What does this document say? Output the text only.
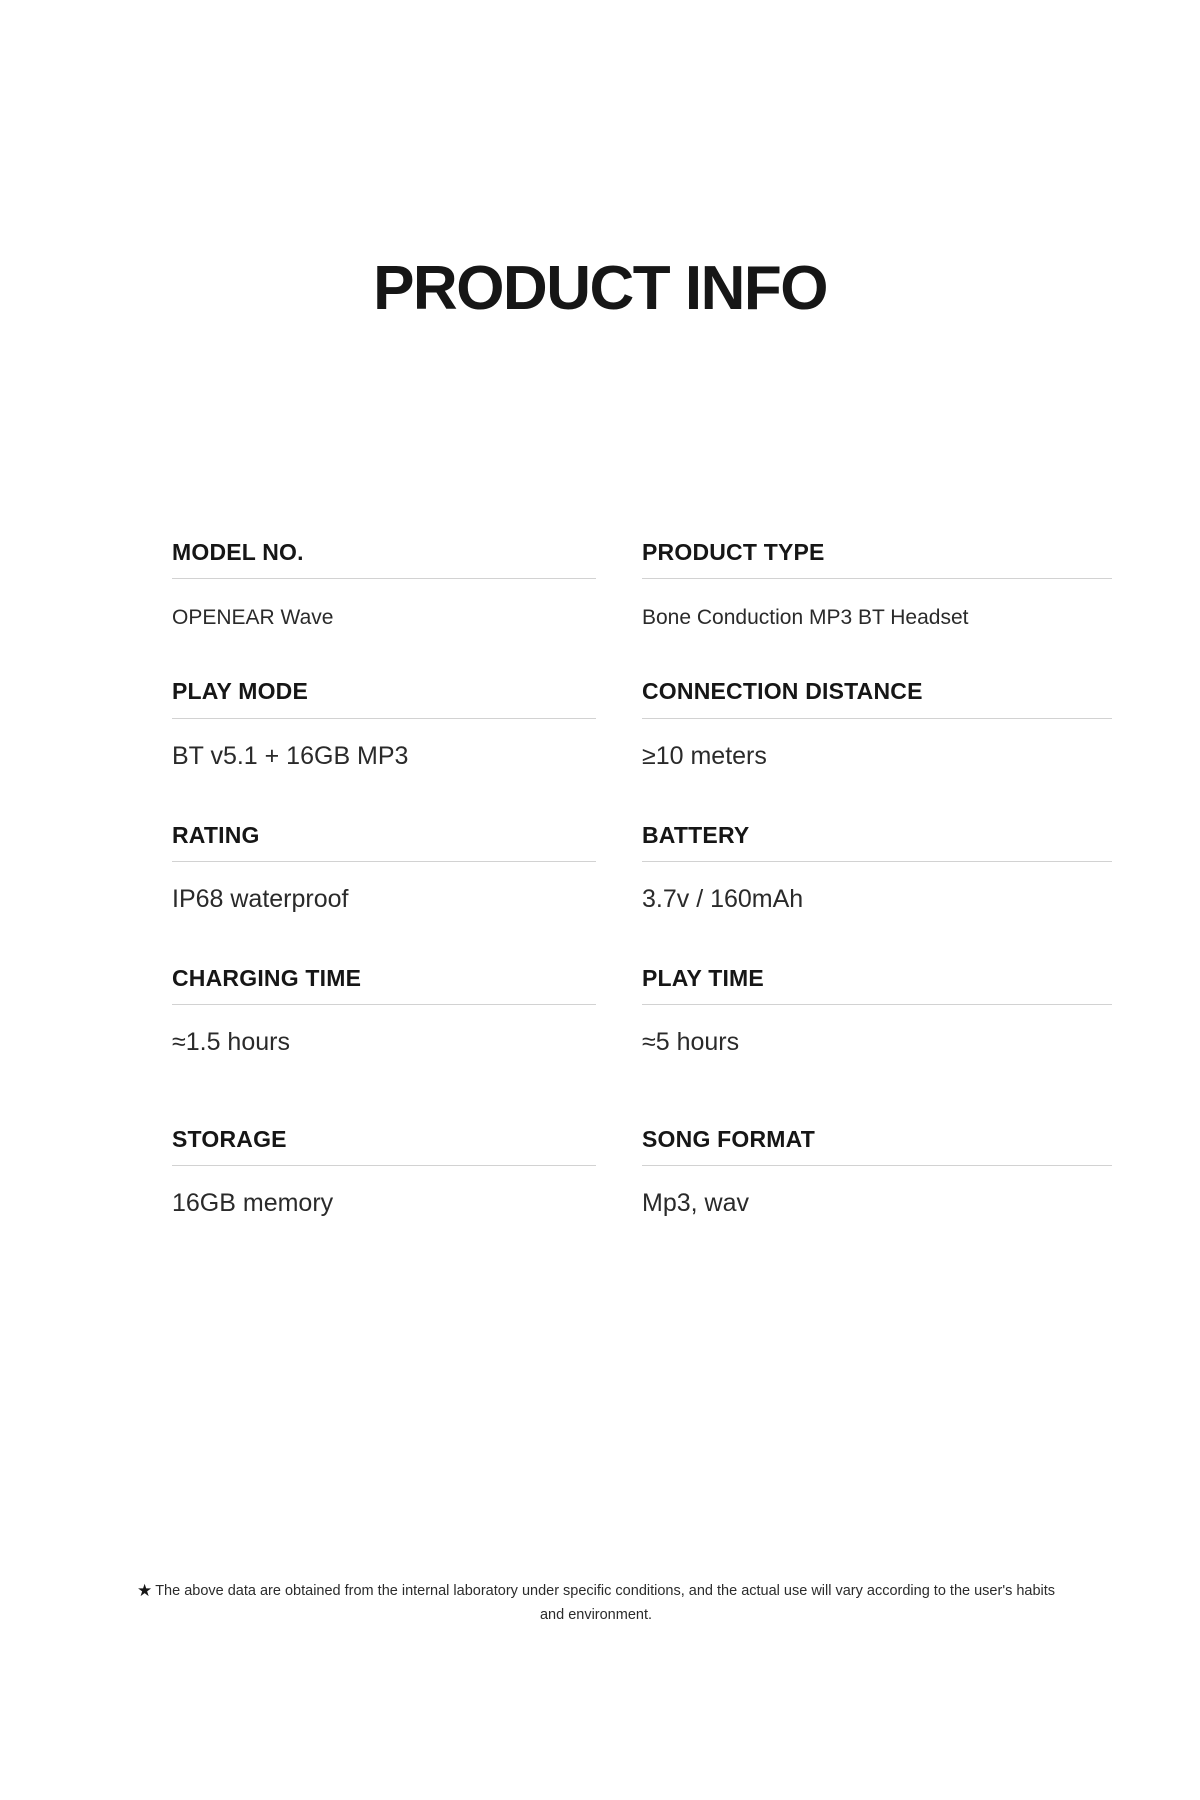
PRODUCT INFO
MODEL NO.
OPENEAR Wave
PRODUCT TYPE
Bone Conduction MP3 BT Headset
PLAY MODE
BT v5.1 + 16GB MP3
CONNECTION DISTANCE
≥10 meters
RATING
IP68 waterproof
BATTERY
3.7v / 160mAh
CHARGING TIME
≈1.5 hours
PLAY TIME
≈5 hours
STORAGE
16GB memory
SONG FORMAT
Mp3, wav
★ The above data are obtained from the internal laboratory under specific conditions, and the actual use will vary according to the user's habits and environment.
